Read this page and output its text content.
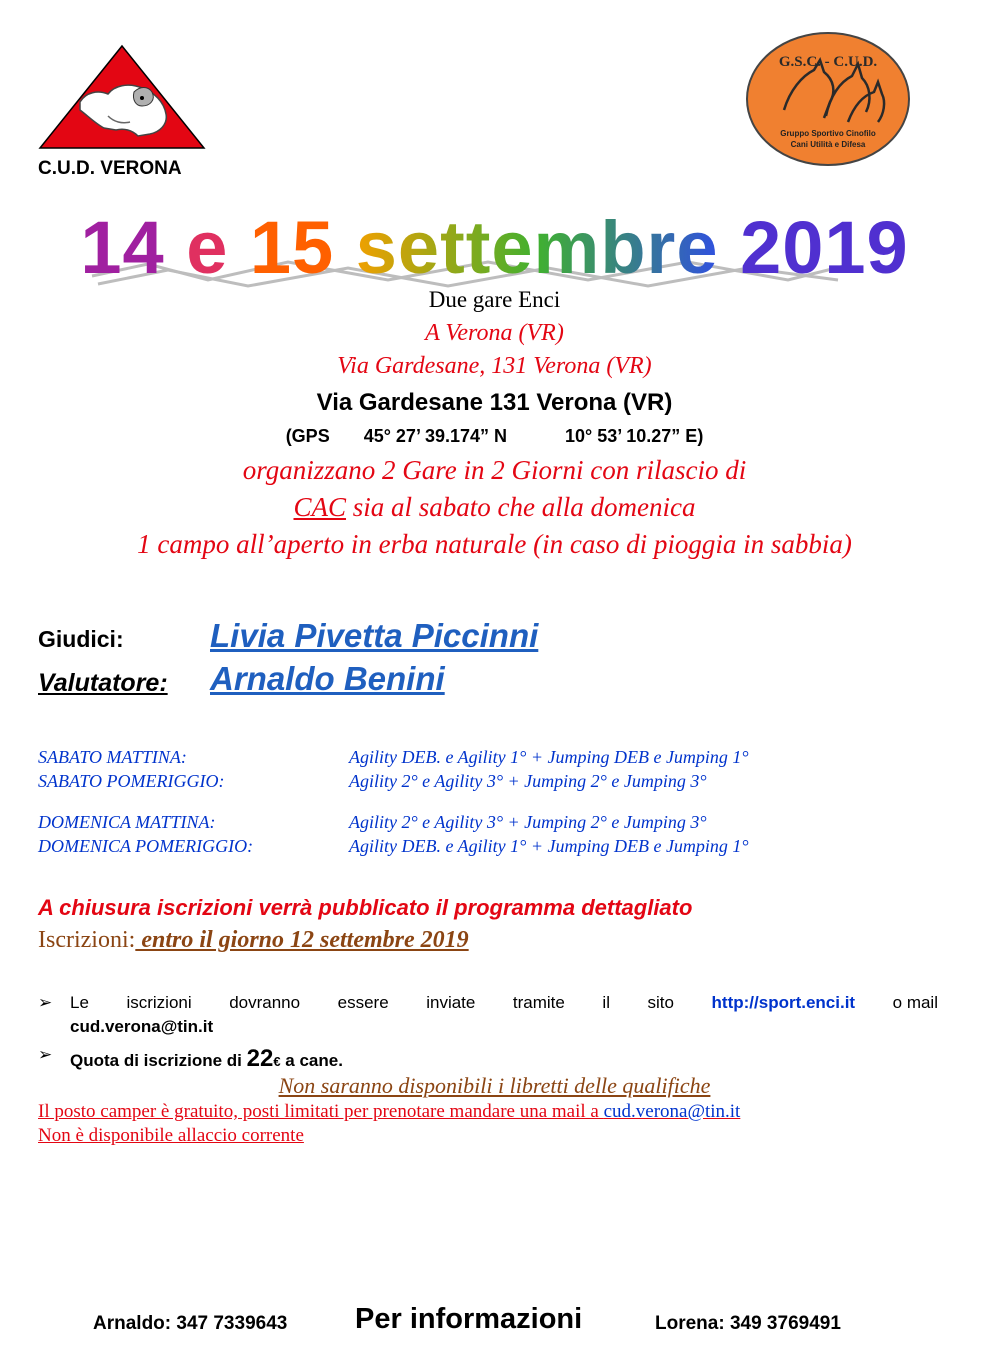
C.U.D. VERONA
G.S.C. - C.U.D.
Gruppo Sportivo Cinofilo
Cani Utilità e Difesa
14 e 15 settembre 2019
Due gare Enci
A Verona (VR)
Via Gardesane, 131 Verona (VR)
Via Gardesane 131 Verona (VR)
(GPS 45° 27’ 39.174” N	10° 53’ 10.27” E)
organizzano 2 Gare in 2 Giorni con rilascio di
CAC sia al sabato che alla domenica
1 campo all’aperto in erba naturale (in caso di pioggia in sabbia)
Giudici:	Livia Pivetta Piccinni
Valutatore: Arnaldo Benini
SABATO MATTINA:	Agility DEB. e Agility 1° + Jumping DEB e Jumping 1°
SABATO POMERIGGIO:	Agility 2° e Agility 3° + Jumping 2° e Jumping 3°
DOMENICA MATTINA:	Agility 2° e Agility 3° + Jumping 2° e Jumping 3°
DOMENICA POMERIGGIO:	Agility DEB. e Agility 1° + Jumping DEB e Jumping 1°
A chiusura iscrizioni verrà pubblicato il programma dettagliato
Iscrizioni: entro il giorno 12 settembre 2019
➢ Le iscrizioni dovranno essere inviate tramite il sito http://sport.enci.it o mail
cud.verona@tin.it
➢ Quota di iscrizione di 22€ a cane.
Non saranno disponibili i libretti delle qualifiche
Il posto camper è gratuito, posti limitati per prenotare mandare una mail a cud.verona@tin.it
Non è disponibile allaccio corrente
Arnaldo: 347 7339643 Per informazioni	Lorena: 349 3769491
